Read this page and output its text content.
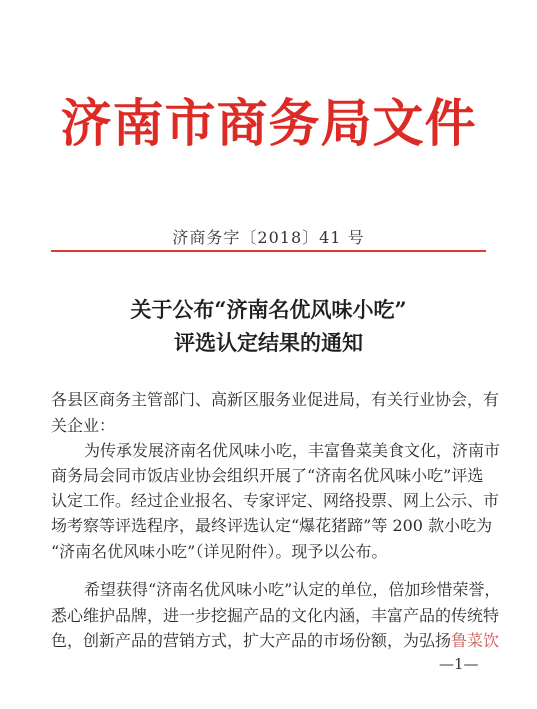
济南市商务局文件
济商务字〔2018〕41 号
关于公布“济南名优风味小吃”
评选认定结果的通知
各县区商务主管部门、高新区服务业促进局，有关行业协会，有
关企业：
为传承发展济南名优风味小吃，丰富鲁菜美食文化，济南市
商务局会同市饭店业协会组织开展了“济南名优风味小吃”评选
认定工作。经过企业报名、专家评定、网络投票、网上公示、市
场考察等评选程序，最终评选认定“爆花猪蹄”等 200 款小吃为
“济南名优风味小吃”（详见附件）。现予以公布。
希望获得“济南名优风味小吃”认定的单位，倍加珍惜荣誉，
悉心维护品牌，进一步挖掘产品的文化内涵，丰富产品的传统特
色，创新产品的营销方式，扩大产品的市场份额，为弘扬鲁菜饮
—1—
